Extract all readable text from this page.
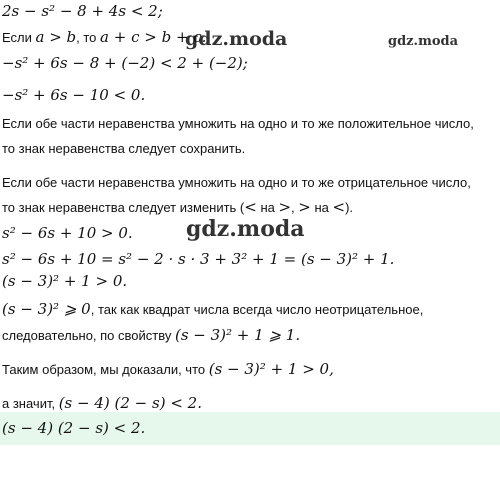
gdz.moda	gdz.moda
gdz.moda
2s − s² − 8 + 4s < 2;
Если a > b, то a + c > b + c.
−s² + 6s − 8 + (−2) < 2 + (−2);
−s² + 6s − 10 < 0.
Если обе части неравенства умножить на одно и то же положительное число,
то знак неравенства следует сохранить.
Если обе части неравенства умножить на одно и то же отрицательное число,
то знак неравенства следует изменить (< на >, > на <).
s² − 6s + 10 > 0.
s² − 6s + 10 = s² − 2 · s · 3 + 3² + 1 = (s − 3)² + 1.
(s − 3)² + 1 > 0.
(s − 3)² ⩾ 0, так как квадрат числа всегда число неотрицательное,
следовательно, по свойству (s − 3)² + 1 ⩾ 1.
Таким образом, мы доказали, что (s − 3)² + 1 > 0,
а значит, (s − 4) (2 − s) < 2.
(s − 4) (2 − s) < 2.
